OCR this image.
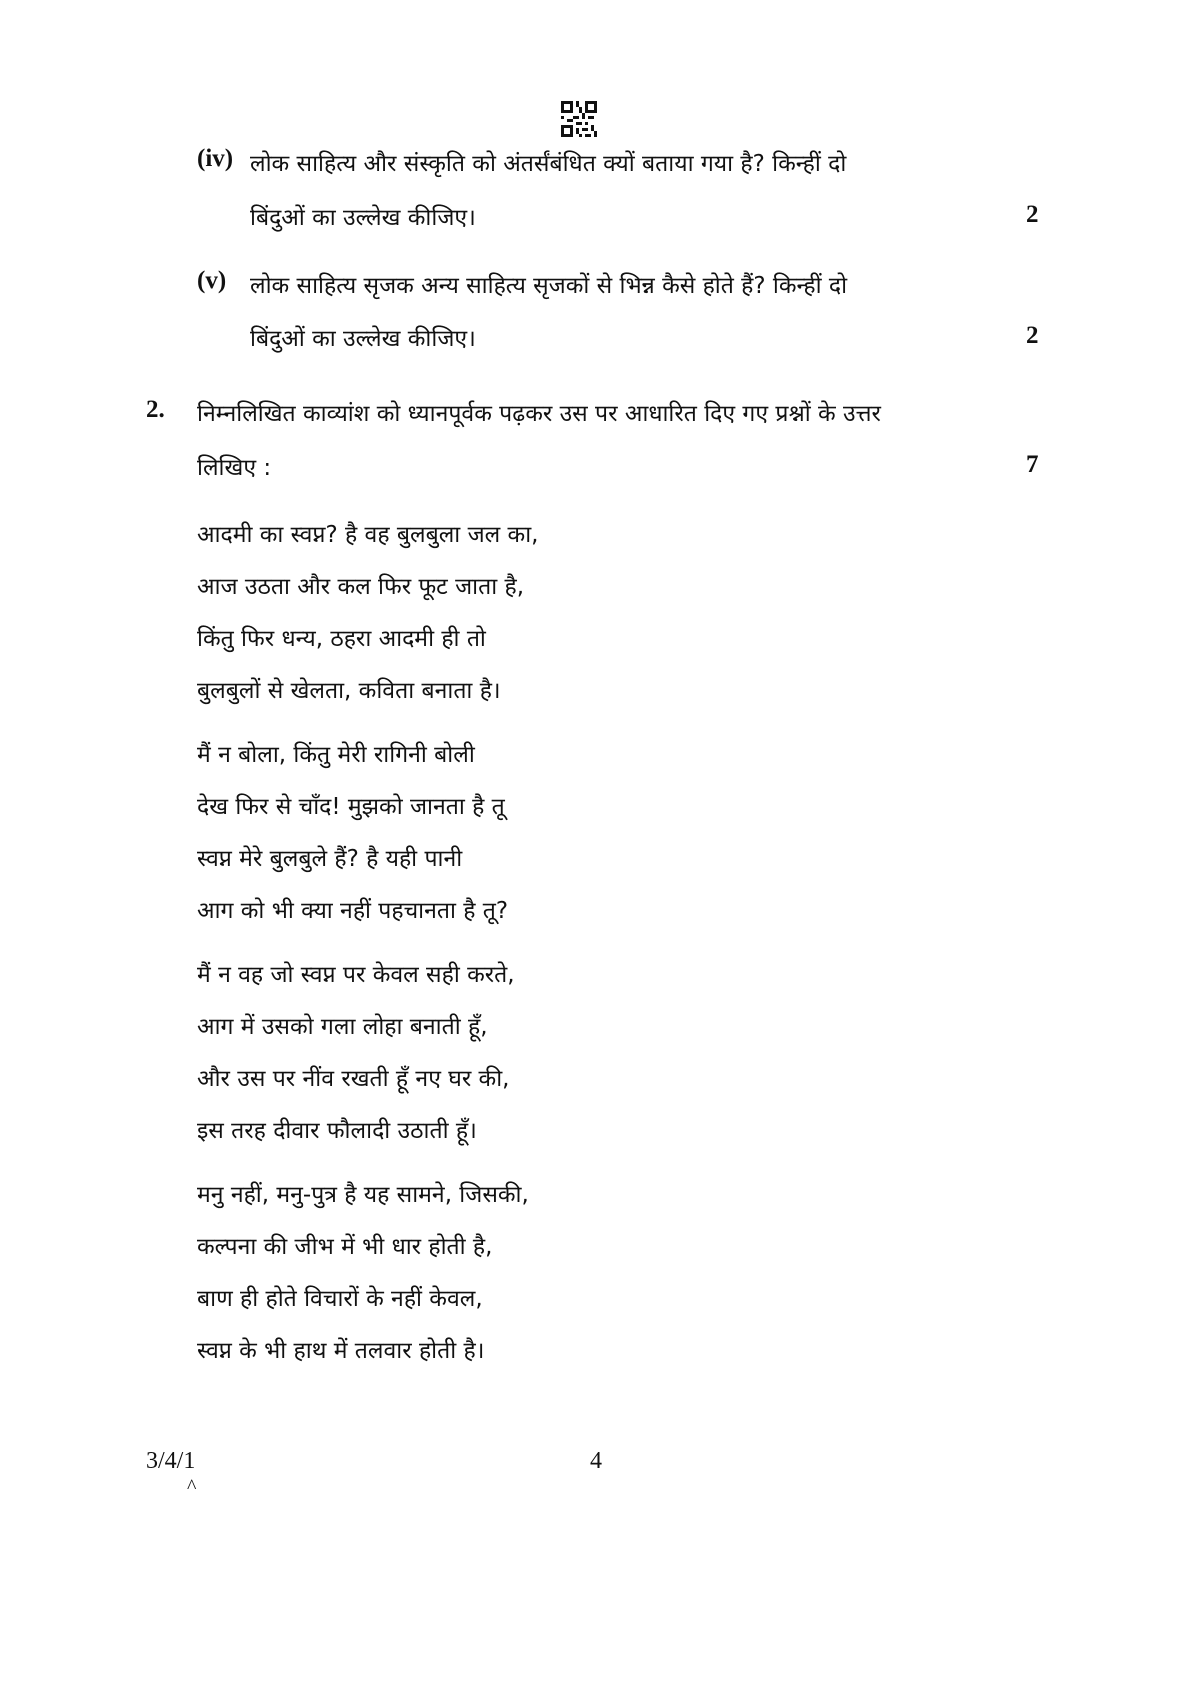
(iv) लोक साहित्य और संस्कृति को अंतर्संबंधित क्यों बताया गया है? किन्हीं दो
बिंदुओं का उल्लेख कीजिए।	2
(v) लोक साहित्य सृजक अन्य साहित्य सृजकों से भिन्न कैसे होते हैं? किन्हीं दो
बिंदुओं का उल्लेख कीजिए।	2
2. निम्नलिखित काव्यांश को ध्यानपूर्वक पढ़कर उस पर आधारित दिए गए प्रश्नों के उत्तर
लिखिए :	7
आदमी का स्वप्न? है वह बुलबुला जल का,
आज उठता और कल फिर फूट जाता है,
किंतु फिर धन्य, ठहरा आदमी ही तो
बुलबुलों से खेलता, कविता बनाता है।
मैं न बोला, किंतु मेरी रागिनी बोली
देख फिर से चाँद! मुझको जानता है तू
स्वप्न मेरे बुलबुले हैं? है यही पानी
आग को भी क्या नहीं पहचानता है तू?
मैं न वह जो स्वप्न पर केवल सही करते,
आग में उसको गला लोहा बनाती हूँ,
और उस पर नींव रखती हूँ नए घर की,
इस तरह दीवार फौलादी उठाती हूँ।
मनु नहीं, मनु-पुत्र है यह सामने, जिसकी,
कल्पना की जीभ में भी धार होती है,
बाण ही होते विचारों के नहीं केवल,
स्वप्न के भी हाथ में तलवार होती है।
3/4/1
^
4
